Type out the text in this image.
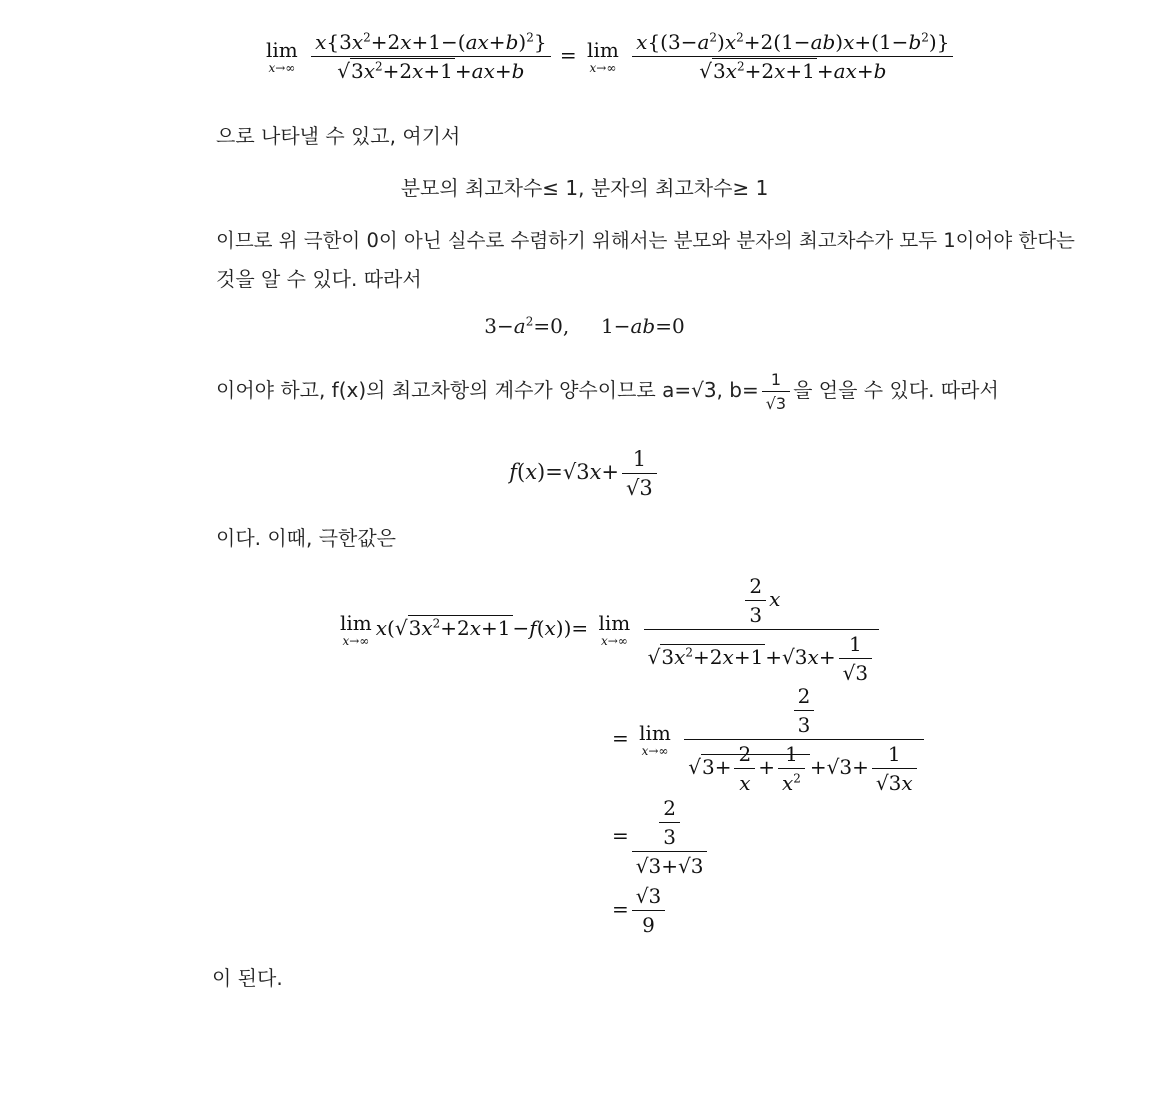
lim
x→∞
$\frac{x\{3x^2+2x+1-(ax+b)^2\}}{√3x^2+2x+1 +ax+b} = \lim$
x→∞
$\frac{x\{(3-a^2)x^2+2(1-ab)x+(1-b^2)\}}{√3x^2+2x+1 +ax+b}$
으로 나타낼 수 있고, 여기서
분모의 최고차수≤ 1, 분자의 최고차수≥ 1
이므로 위 극한이 0이 아닌 실수로 수렴하기 위해서는 분모와 분자의 최고차수가 모두 1이어야 한다는
것을 알 수 있다. 따라서
$3-a^2=0$,     1−ab=0
이어야 하고, f(x)의 최고차항의 계수가 양수이므로 a=√3, $b= \frac{1}{√3}$ 을 얻을 수 있다. 따라서
$f(x)=√3x+ \frac{1}{√3}$
이다. 이때, 극한값은
lim
x→∞
$x(√3x^2+2x+1 -f(x))= \lim$
x→∞
$\frac{\frac{2}{3} x}{√3x^2+2x+1 +√3x+ \frac{1}{√3}}$
= lim
x→∞
$\frac{\frac{2}{3}}{√3+ \frac{2}{x} + \frac{1}{x^2} +√3+ \frac{1}{√3x}}$
= $\frac{\frac{2}{3}}{√3+√3}$
= $\frac{√3}{9}$
이 된다.
